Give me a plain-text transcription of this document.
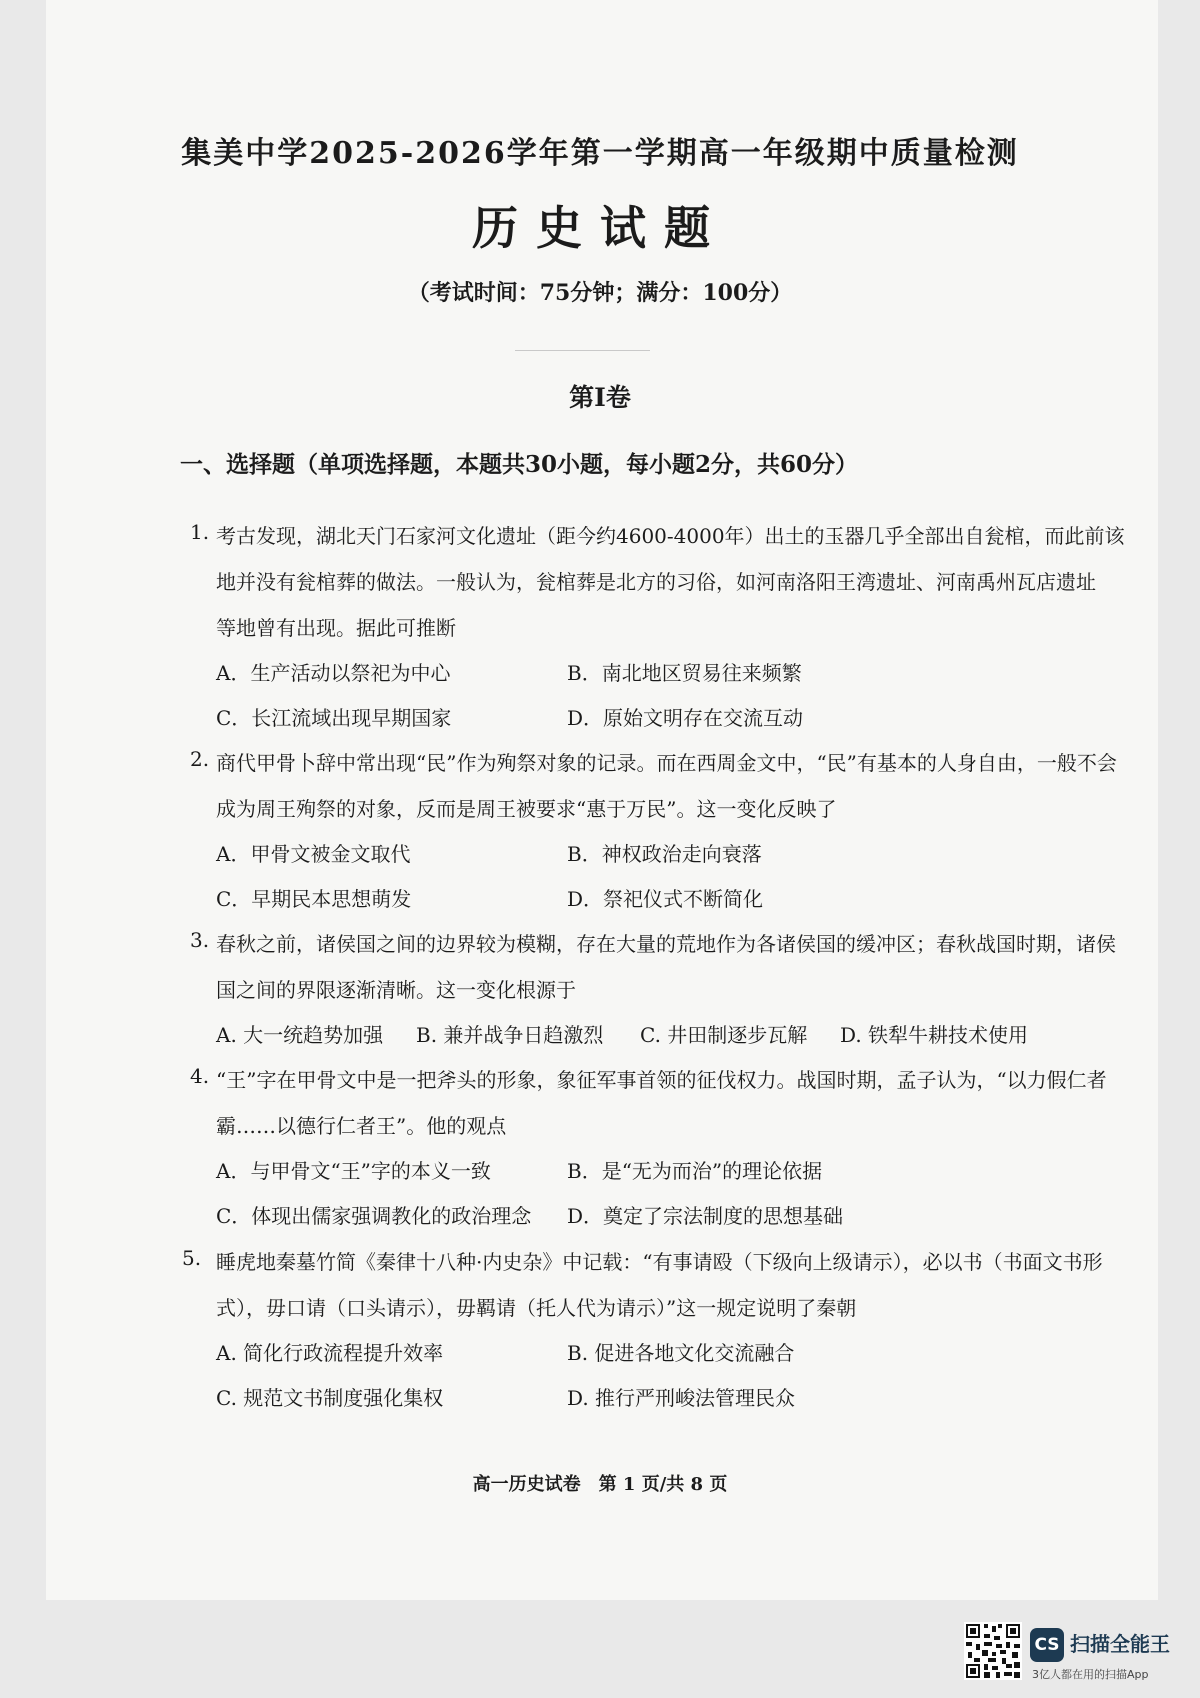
集美中学2025-2026学年第一学期高一年级期中质量检测
历史试题
（考试时间：75分钟；满分：100分）
第Ⅰ卷
一、选择题（单项选择题，本题共30小题，每小题2分，共60分）
1. 考古发现，湖北天门石家河文化遗址（距今约4600-4000年）出土的玉器几乎全部出自瓮棺，而此前该
地并没有瓮棺葬的做法。一般认为，瓮棺葬是北方的习俗，如河南洛阳王湾遗址、河南禹州瓦店遗址
等地曾有出现。据此可推断
A．生产活动以祭祀为中心	B．南北地区贸易往来频繁
C．长江流域出现早期国家	D．原始文明存在交流互动
2. 商代甲骨卜辞中常出现“民”作为殉祭对象的记录。而在西周金文中，“民”有基本的人身自由，一般不会
成为周王殉祭的对象，反而是周王被要求“惠于万民”。这一变化反映了
A．甲骨文被金文取代	B．神权政治走向衰落
C．早期民本思想萌发	D．祭祀仪式不断简化
3. 春秋之前，诸侯国之间的边界较为模糊，存在大量的荒地作为各诸侯国的缓冲区；春秋战国时期，诸侯
国之间的界限逐渐清晰。这一变化根源于
A. 大一统趋势加强 B. 兼并战争日趋激烈 C. 井田制逐步瓦解 D. 铁犁牛耕技术使用
4. “王”字在甲骨文中是一把斧头的形象，象征军事首领的征伐权力。战国时期，孟子认为，“以力假仁者
霸……以德行仁者王”。他的观点
A．与甲骨文“王”字的本义一致	B．是“无为而治”的理论依据
C．体现出儒家强调教化的政治理念 D．奠定了宗法制度的思想基础
5. 睡虎地秦墓竹简《秦律十八种·内史杂》中记载：“有事请殴（下级向上级请示），必以书（书面文书形
式），毋口请（口头请示），毋羁请（托人代为请示）”这一规定说明了秦朝
A. 简化行政流程提升效率	B. 促进各地文化交流融合
C. 规范文书制度强化集权	D. 推行严刑峻法管理民众
高一历史试卷　第 1 页/共 8 页
CS 扫描全能王
3亿人都在用的扫描App
